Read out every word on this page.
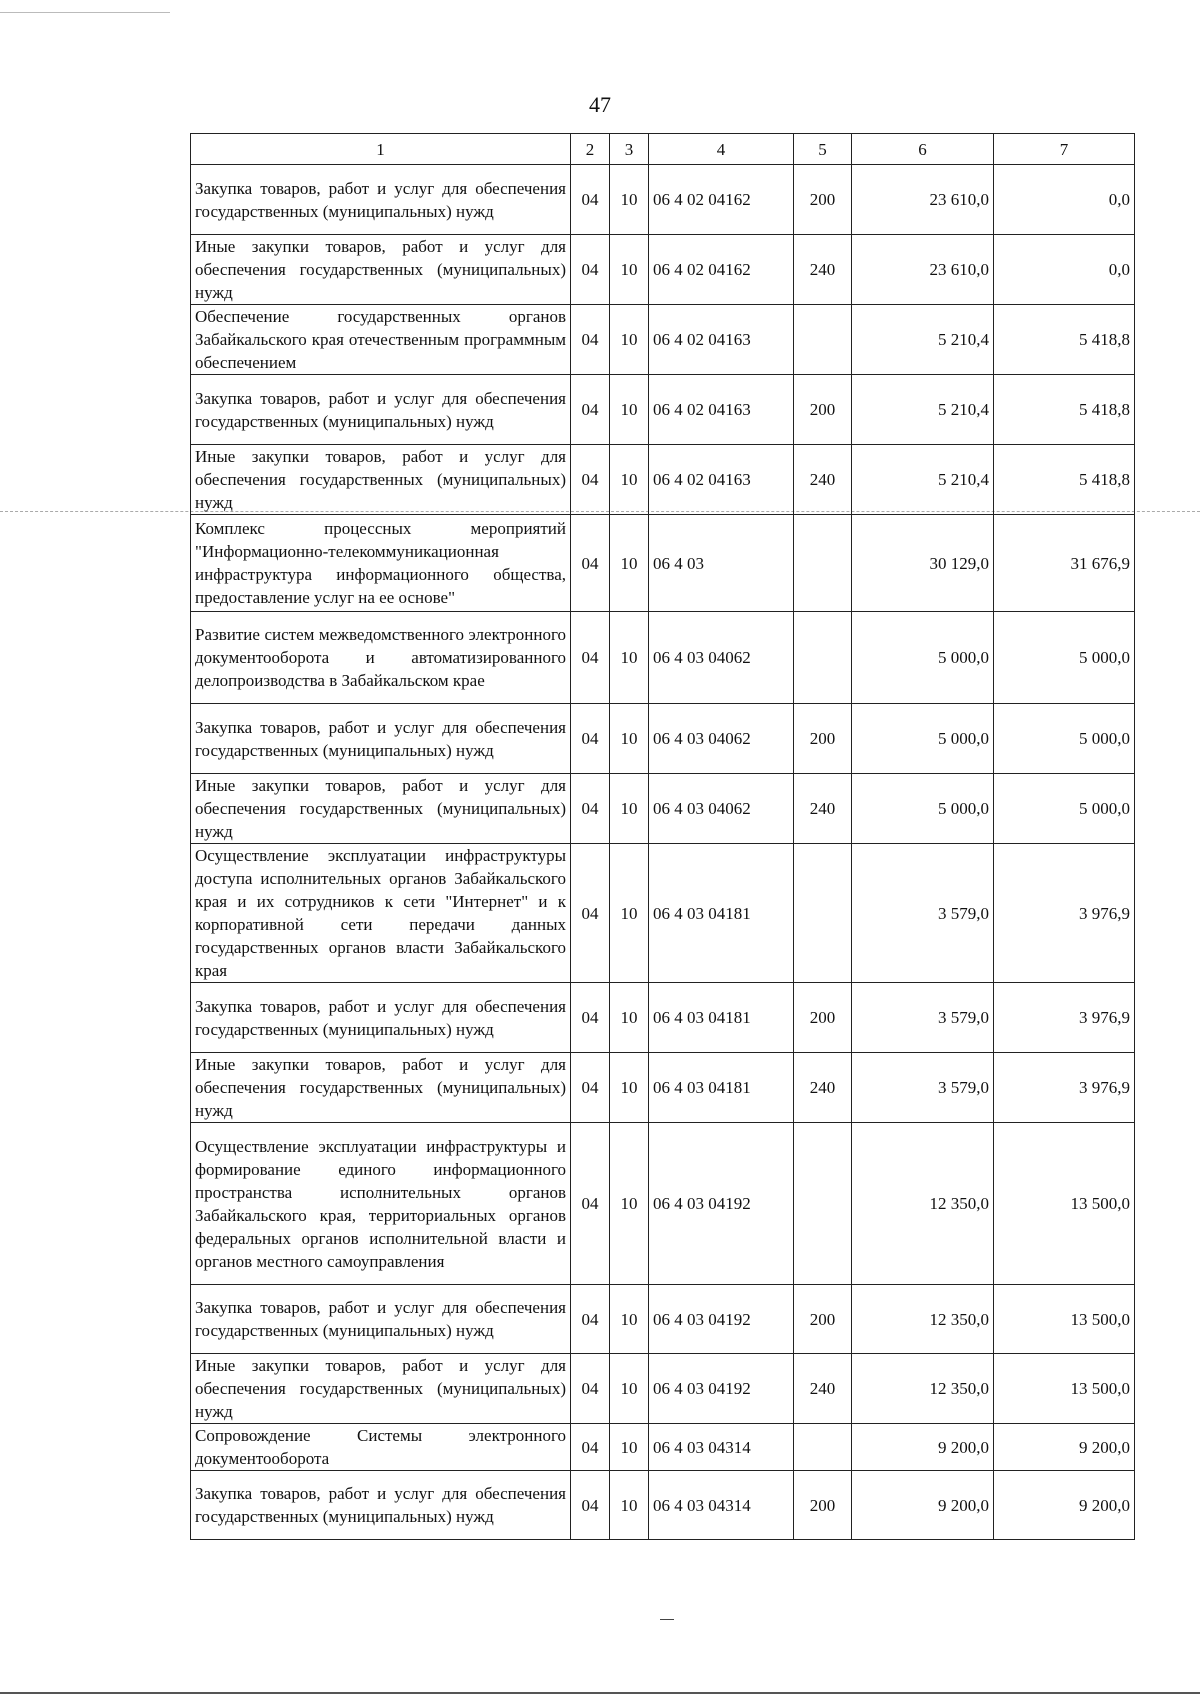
47
1	2	3	4	5	6	7
Закупка товаров, работ и услуг для обеспечения государственных (муниципальных) нужд	04	10	06 4 02 04162	200	23 610,0	0,0
Иные закупки товаров, работ и услуг для обеспечения государственных (муниципальных) нужд	04	10	06 4 02 04162	240	23 610,0	0,0
Обеспечение государственных органов Забайкальского края отечественным программным обеспечением	04	10	06 4 02 04163		5 210,4	5 418,8
Закупка товаров, работ и услуг для обеспечения государственных (муниципальных) нужд	04	10	06 4 02 04163	200	5 210,4	5 418,8
Иные закупки товаров, работ и услуг для обеспечения государственных (муниципальных) нужд	04	10	06 4 02 04163	240	5 210,4	5 418,8
Комплекс процессных мероприятий "Информационно-телекоммуникационная инфраструктура информационного общества, предоставление услуг на ее основе"	04	10	06 4 03		30 129,0	31 676,9
Развитие систем межведомственного электронного документооборота и автоматизированного делопроизводства в Забайкальском крае	04	10	06 4 03 04062		5 000,0	5 000,0
Закупка товаров, работ и услуг для обеспечения государственных (муниципальных) нужд	04	10	06 4 03 04062	200	5 000,0	5 000,0
Иные закупки товаров, работ и услуг для обеспечения государственных (муниципальных) нужд	04	10	06 4 03 04062	240	5 000,0	5 000,0
Осуществление эксплуатации инфраструктуры доступа исполнительных органов Забайкальского края и их сотрудников к сети "Интернет" и к корпоративной сети передачи данных государственных органов власти Забайкальского края	04	10	06 4 03 04181		3 579,0	3 976,9
Закупка товаров, работ и услуг для обеспечения государственных (муниципальных) нужд	04	10	06 4 03 04181	200	3 579,0	3 976,9
Иные закупки товаров, работ и услуг для обеспечения государственных (муниципальных) нужд	04	10	06 4 03 04181	240	3 579,0	3 976,9
Осуществление эксплуатации инфраструктуры и формирование единого информационного пространства исполнительных органов Забайкальского края, территориальных органов федеральных органов исполнительной власти и органов местного самоуправления	04	10	06 4 03 04192		12 350,0	13 500,0
Закупка товаров, работ и услуг для обеспечения государственных (муниципальных) нужд	04	10	06 4 03 04192	200	12 350,0	13 500,0
Иные закупки товаров, работ и услуг для обеспечения государственных (муниципальных) нужд	04	10	06 4 03 04192	240	12 350,0	13 500,0
Сопровождение Системы электронного документооборота	04	10	06 4 03 04314		9 200,0	9 200,0
Закупка товаров, работ и услуг для обеспечения государственных (муниципальных) нужд	04	10	06 4 03 04314	200	9 200,0	9 200,0
